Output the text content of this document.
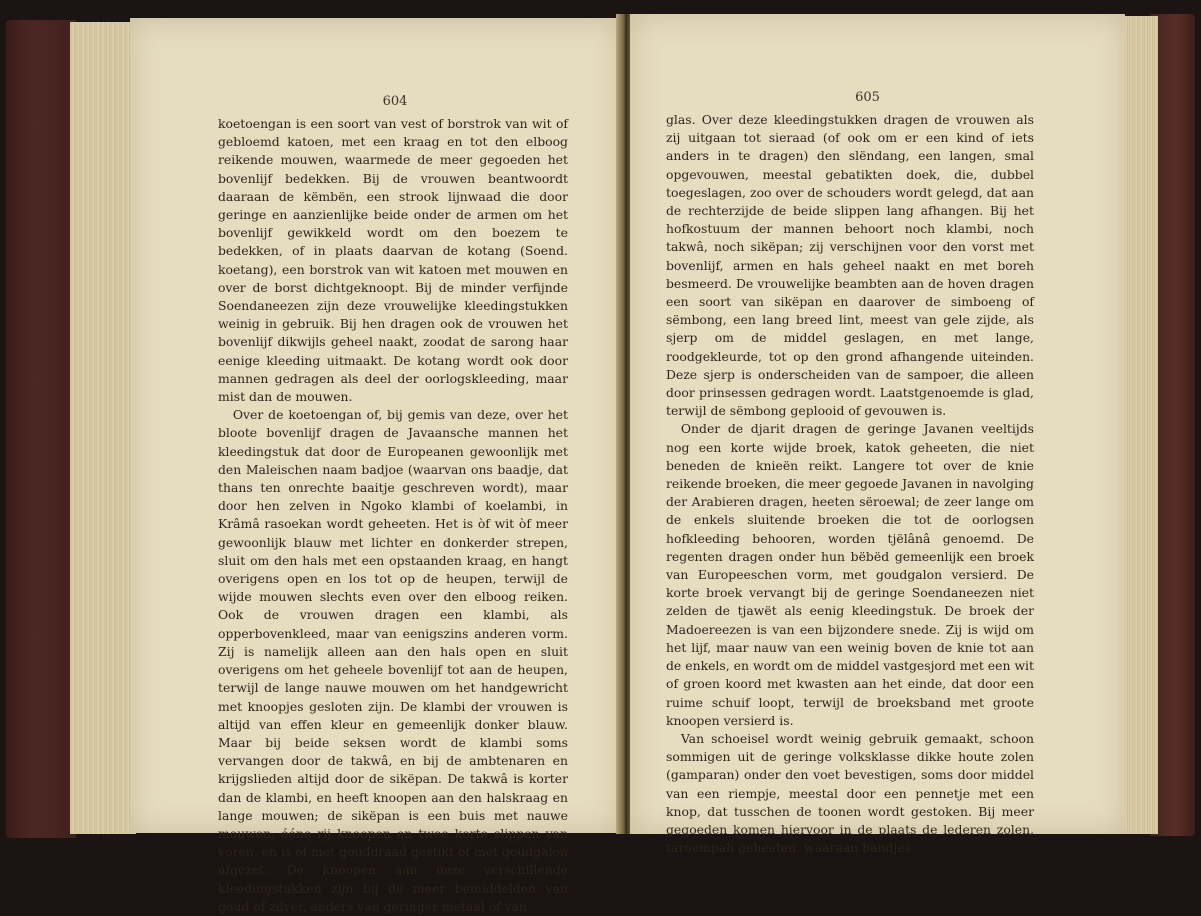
604

koetoengan is een soort van vest of borstrok van wit of gebloemd katoen, met een kraag en tot den elboog reikende mouwen, waarmede de meer gegoeden het bovenlijf bedekken. Bij de vrouwen beantwoordt daaraan de këmbën, een strook lijnwaad die door geringe en aanzienlijke beide onder de armen om het bovenlijf gewikkeld wordt om den boezem te bedekken, of in plaats daarvan de kotang (Soend. koetang), een borstrok van wit katoen met mouwen en over de borst dichtgeknoopt. Bij de minder verfijnde Soendaneezen zijn deze vrouwelijke kleedingstukken weinig in gebruik. Bij hen dragen ook de vrouwen het bovenlijf dikwijls geheel naakt, zoodat de sarong haar eenige kleeding uitmaakt. De kotang wordt ook door mannen gedragen als deel der oorlogskleeding, maar mist dan de mouwen.

Over de koetoengan of, bij gemis van deze, over het bloote bovenlijf dragen de Javaansche mannen het kleedingstuk dat door de Europeanen gewoonlijk met den Maleischen naam badjoe (waarvan ons baadje, dat thans ten onrechte baaitje geschreven wordt), maar door hen zelven in Ngoko klambi of koelambi, in Krâmâ rasoekan wordt geheeten. Het is òf wit òf meer gewoonlijk blauw met lichter en donkerder strepen, sluit om den hals met een opstaanden kraag, en hangt overigens open en los tot op de heupen, terwijl de wijde mouwen slechts even over den elboog reiken. Ook de vrouwen dragen een klambi, als opperbovenkleed, maar van eenigszins anderen vorm. Zij is namelijk alleen aan den hals open en sluit overigens om het geheele bovenlijf tot aan de heupen, terwijl de lange nauwe mouwen om het handgewricht met knoopjes gesloten zijn. De klambi der vrouwen is altijd van effen kleur en gemeenlijk donker blauw. Maar bij beide seksen wordt de klambi soms vervangen door de takwâ, en bij de ambtenaren en krijgslieden altijd door de sikëpan. De takwâ is korter dan de klambi, en heeft knoopen aan den halskraag en lange mouwen; de sikëpan is een buis met nauwe mouwen, ééne rij knoopen en twee korte slippen van voren, en is òf met gouddraad gestikt òf met goudgalon afgezet. De knoopen aan deze verschillende kleedingstukken zijn bij de meer bemiddelden van goud of zilver, anders van geringer metaal of van

605

glas. Over deze kleedingstukken dragen de vrouwen als zij uitgaan tot sieraad (of ook om er een kind of iets anders in te dragen) den slëndang, een langen, smal opgevouwen, meestal gebatikten doek, die, dubbel toegeslagen, zoo over de schouders wordt gelegd, dat aan de rechterzijde de beide slippen lang afhangen. Bij het hofkostuum der mannen behoort noch klambi, noch takwâ, noch sikëpan; zij verschijnen voor den vorst met bovenlijf, armen en hals geheel naakt en met boreh besmeerd. De vrouwelijke beambten aan de hoven dragen een soort van sikëpan en daarover de simboeng of sëmbong, een lang breed lint, meest van gele zijde, als sjerp om de middel geslagen, en met lange, roodgekleurde, tot op den grond afhangende uiteinden. Deze sjerp is onderscheiden van de sampoer, die alleen door prinsessen gedragen wordt. Laatstgenoemde is glad, terwijl de sëmbong geplooid of gevouwen is.

Onder de djarit dragen de geringe Javanen veeltijds nog een korte wijde broek, katok geheeten, die niet beneden de knieën reikt. Langere tot over de knie reikende broeken, die meer gegoede Javanen in navolging der Arabieren dragen, heeten sëroewal; de zeer lange om de enkels sluitende broeken die tot de oorlogsen hofkleeding behooren, worden tjëlânâ genoemd. De regenten dragen onder hun bëbëd gemeenlijk een broek van Europeeschen vorm, met goudgalon versierd. De korte broek vervangt bij de geringe Soendaneezen niet zelden de tjawët als eenig kleedingstuk. De broek der Madoereezen is van een bijzondere snede. Zij is wijd om het lijf, maar nauw van een weinig boven de knie tot aan de enkels, en wordt om de middel vastgesjord met een wit of groen koord met kwasten aan het einde, dat door een ruime schuif loopt, terwijl de broeksband met groote knoopen versierd is.

Van schoeisel wordt weinig gebruik gemaakt, schoon sommigen uit de geringe volksklasse dikke houte zolen (gamparan) onder den voet bevestigen, soms door middel van een riempje, meestal door een pennetje met een knop, dat tusschen de toonen wordt gestoken. Bij meer gegoeden komen hiervoor in de plaats de lederen zolen, taroempah geheeten, waaraan bandjes
